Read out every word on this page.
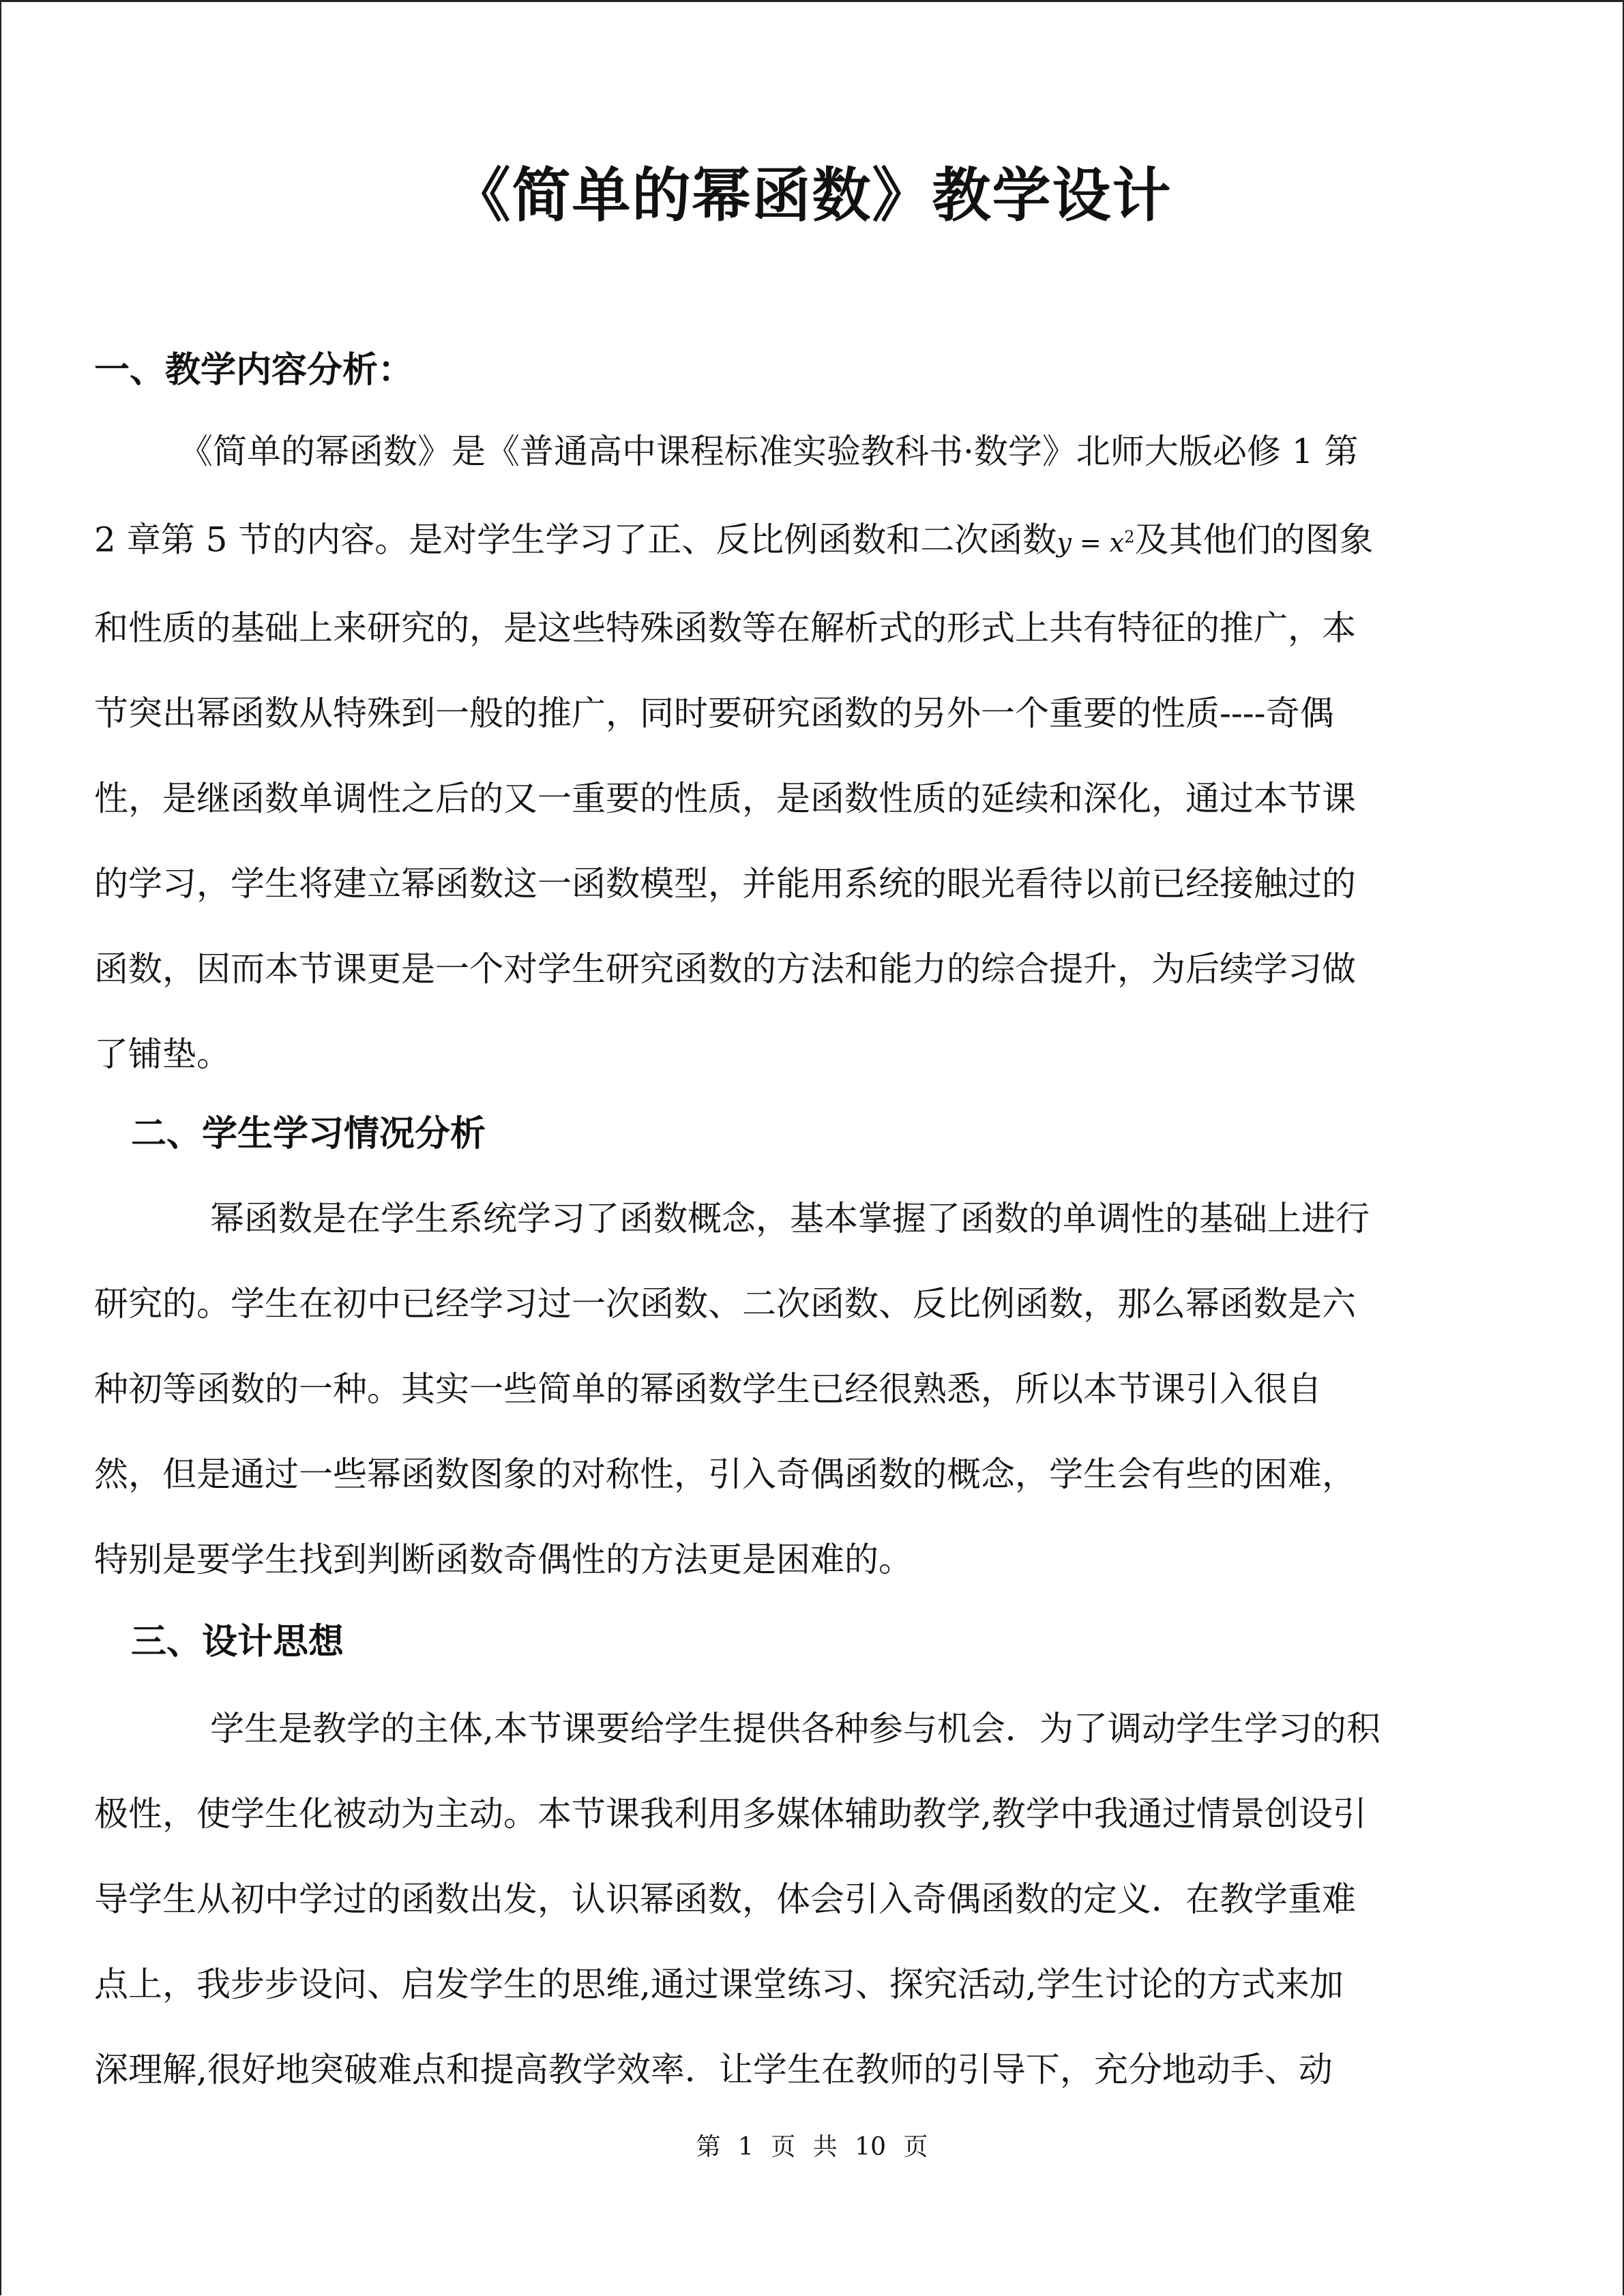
《简单的幂函数》教学设计
一、教学内容分析：
《简单的幂函数》是《普通高中课程标准实验教科书·数学》北师大版必修 1 第
2 章第 5 节的内容。是对学生学习了正、反比例函数和二次函数$y = x^2$及其他们的图象
和性质的基础上来研究的，是这些特殊函数等在解析式的形式上共有特征的推广，本
节突出幂函数从特殊到一般的推广，同时要研究函数的另外一个重要的性质----奇偶
性，是继函数单调性之后的又一重要的性质，是函数性质的延续和深化，通过本节课
的学习，学生将建立幂函数这一函数模型，并能用系统的眼光看待以前已经接触过的
函数，因而本节课更是一个对学生研究函数的方法和能力的综合提升，为后续学习做
了铺垫。
二、学生学习情况分析
幂函数是在学生系统学习了函数概念，基本掌握了函数的单调性的基础上进行
研究的。学生在初中已经学习过一次函数、二次函数、反比例函数，那么幂函数是六
种初等函数的一种。其实一些简单的幂函数学生已经很熟悉，所以本节课引入很自
然，但是通过一些幂函数图象的对称性，引入奇偶函数的概念，学生会有些的困难，
特别是要学生找到判断函数奇偶性的方法更是困难的。
三、设计思想
学生是教学的主体,本节课要给学生提供各种参与机会．为了调动学生学习的积
极性，使学生化被动为主动。本节课我利用多媒体辅助教学,教学中我通过情景创设引
导学生从初中学过的函数出发，认识幂函数，体会引入奇偶函数的定义．在教学重难
点上，我步步设问、启发学生的思维,通过课堂练习、探究活动,学生讨论的方式来加
深理解,很好地突破难点和提高教学效率．让学生在教师的引导下，充分地动手、动

第 1 页 共 10 页
